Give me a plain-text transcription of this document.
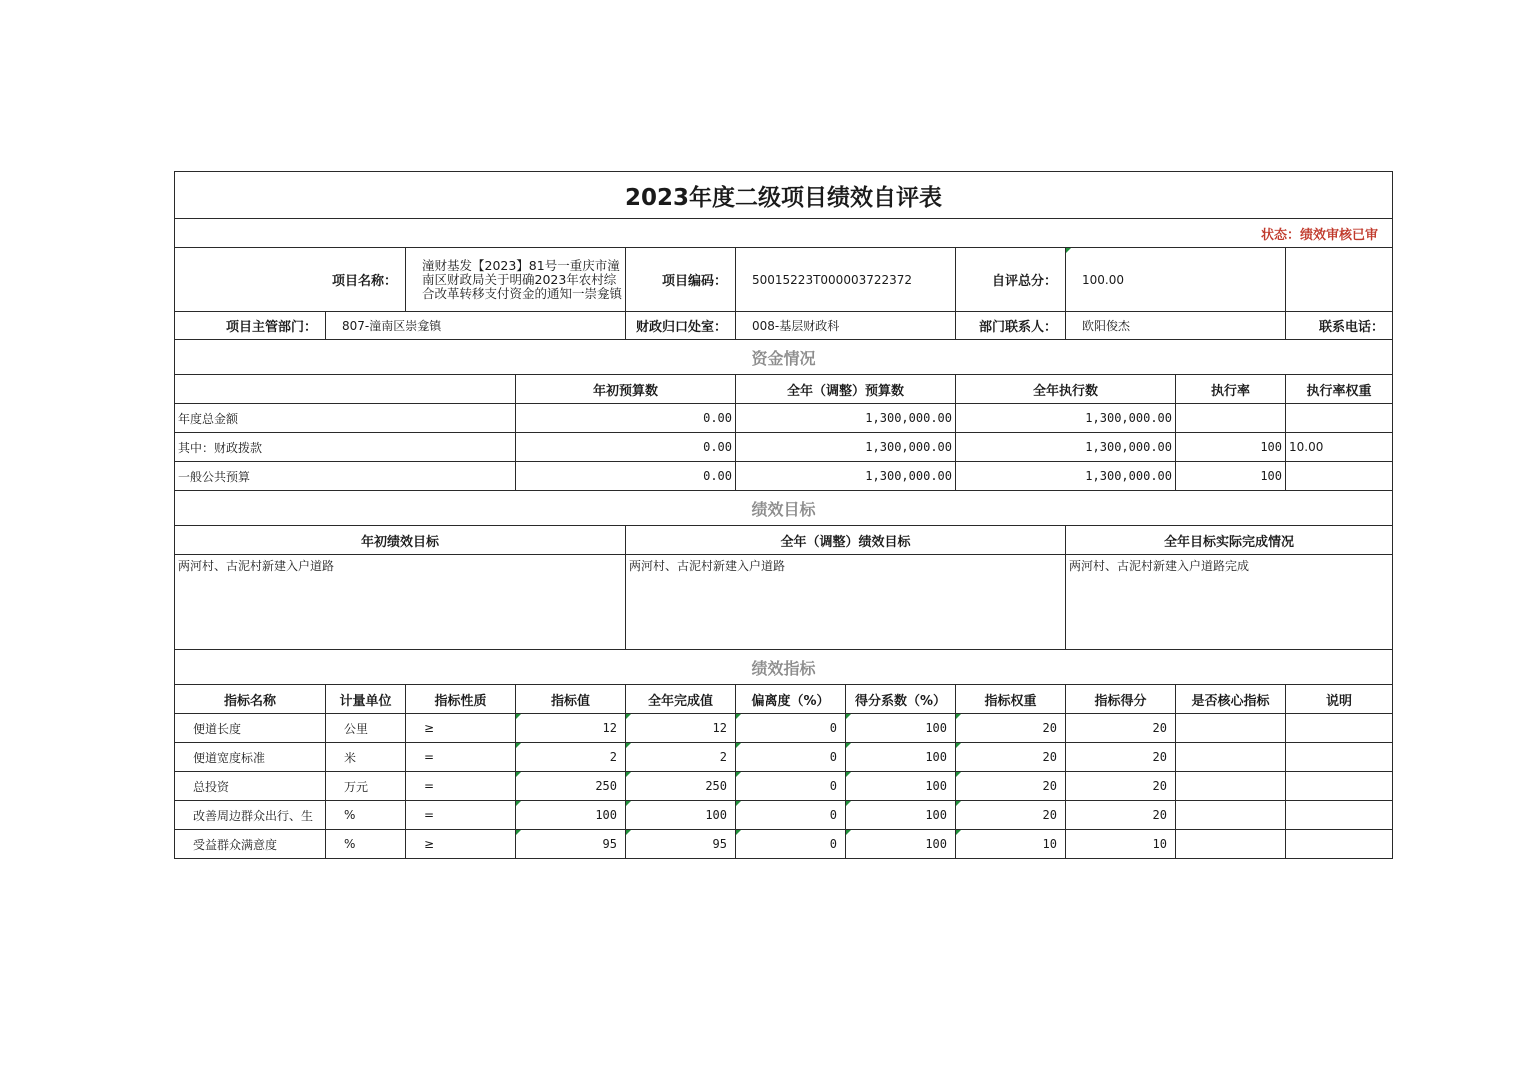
2023年度二级项目绩效自评表											
状态：绩效审核已审											
项目名称：		潼财基发【2023】81号一重庆市潼南区财政局关于明确2023年农村综合改革转移支付资金的通知一崇龛镇		项目编码：	50015223T000003722372		自评总分：	100.00			
项目主管部门：	807-潼南区崇龛镇			财政归口处室：	008-基层财政科		部门联系人：	欧阳俊杰		联系电话：	
资金情况											
			年初预算数		全年（调整）预算数		全年执行数		执行率	执行率权重	
年度总金额			0.00		1,300,000.00		1,300,000.00				
其中：财政拨款			0.00		1,300,000.00		1,300,000.00		100	10.00	
一般公共预算			0.00		1,300,000.00		1,300,000.00		100		
绩效目标											
年初绩效目标				全年（调整）绩效目标				全年目标实际完成情况			
两河村、古泥村新建入户道路				两河村、古泥村新建入户道路				两河村、古泥村新建入户道路完成			
绩效指标											
指标名称	计量单位	指标性质	指标值	全年完成值	偏离度（%）	得分系数（%）	指标权重	指标得分	是否核心指标	说明	
便道长度	公里	≥	12	12	0	100	20	20			
便道宽度标准	米	=	2	2	0	100	20	20			
总投资	万元	=	250	250	0	100	20	20			
改善周边群众出行、生	%	=	100	100	0	100	20	20			
受益群众满意度	%	≥	95	95	0	100	10	10			
